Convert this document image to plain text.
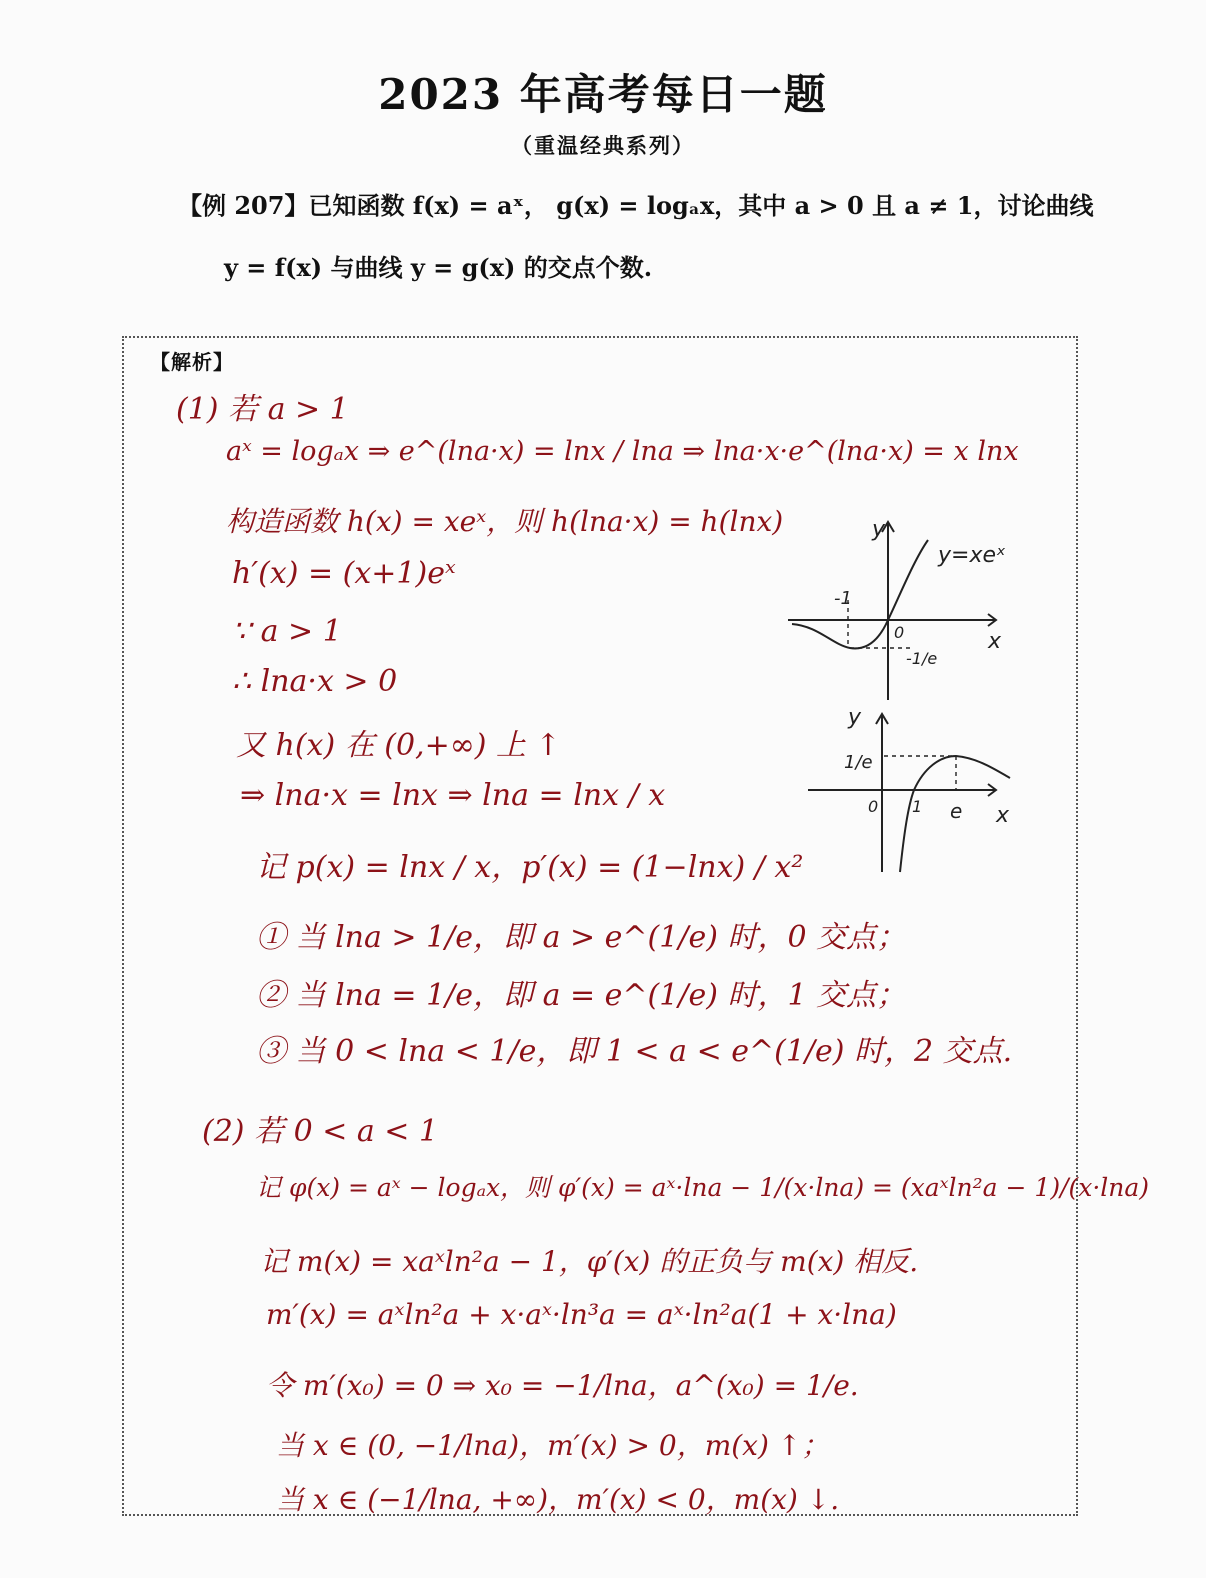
2023 年高考每日一题
（重温经典系列）
【例 207】已知函数 f(x) = aˣ， g(x) = logₐx，其中 a > 0 且 a ≠ 1，讨论曲线
y = f(x) 与曲线 y = g(x) 的交点个数.
【解析】
(1) 若 a > 1
aˣ = logₐx ⇒ e^(lna·x) = lnx / lna ⇒ lna·x·e^(lna·x) = x lnx
构造函数 h(x) = xeˣ，则 h(lna·x) = h(lnx)
h′(x) = (x+1)eˣ
∵ a > 1
∴ lna·x > 0
又 h(x) 在 (0,+∞) 上 ↑
⇒ lna·x = lnx ⇒ lna = lnx / x
记 p(x) = lnx / x，p′(x) = (1−lnx) / x²
① 当 lna > 1/e，即 a > e^(1/e) 时，0 交点；
② 当 lna = 1/e，即 a = e^(1/e) 时，1 交点；
③ 当 0 < lna < 1/e，即 1 < a < e^(1/e) 时，2 交点.
(2) 若 0 < a < 1
记 φ(x) = aˣ − logₐx，则 φ′(x) = aˣ·lna − 1/(x·lna) = (xaˣln²a − 1)/(x·lna)
记 m(x) = xaˣln²a − 1，φ′(x) 的正负与 m(x) 相反.
m′(x) = aˣln²a + x·aˣ·ln³a = aˣ·ln²a(1 + x·lna)
令 m′(x₀) = 0 ⇒ x₀ = −1/lna，a^(x₀) = 1/e.
当 x ∈ (0, −1/lna)，m′(x) > 0，m(x) ↑；
当 x ∈ (−1/lna, +∞)，m′(x) < 0，m(x) ↓.
y
y=xeˣ
-1
0
-1/e
x
y
1/e
0 1 e x
